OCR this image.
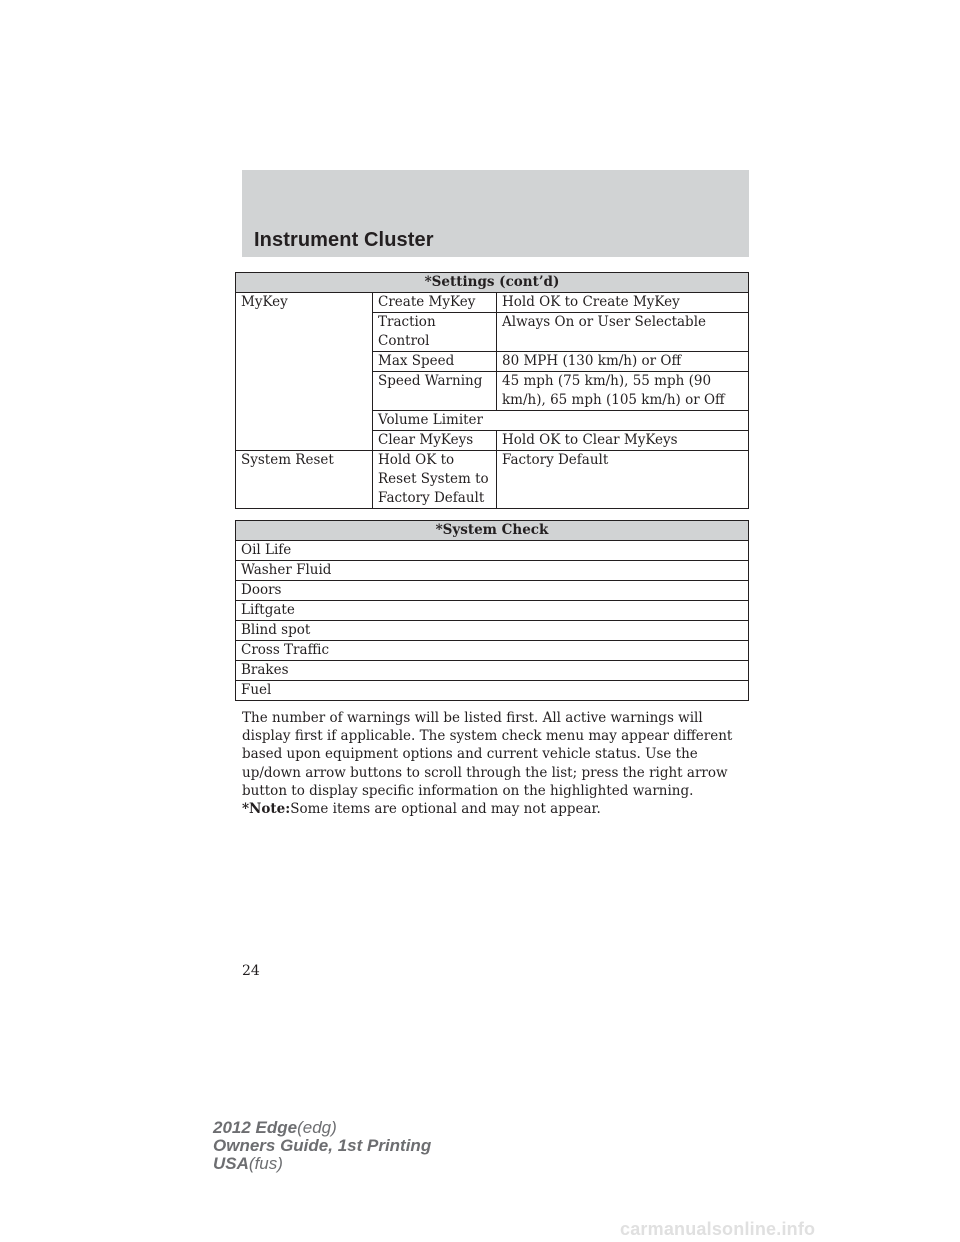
Instrument Cluster
*Settings (cont’d)		
MyKey	Create MyKey	Hold OK to Create MyKey
	Traction Control	Always On or User Selectable
	Max Speed	80 MPH (130 km/h) or Off
	Speed Warning	45 mph (75 km/h), 55 mph (90 km/h), 65 mph (105 km/h) or Off
	Volume Limiter	
	Clear MyKeys	Hold OK to Clear MyKeys
System Reset	Hold OK to Reset System to Factory Default	Factory Default
*System Check
Oil Life
Washer Fluid
Doors
Liftgate
Blind spot
Cross Traffic
Brakes
Fuel

The number of warnings will be listed first. All active warnings will display first if applicable. The system check menu may appear different based upon equipment options and current vehicle status. Use the up/down arrow buttons to scroll through the list; press the right arrow button to display specific information on the highlighted warning.

*Note:Some items are optional and may not appear.

24
2012 Edge(edg)
Owners Guide, 1st Printing
USA(fus)
carmanualsonline.info
